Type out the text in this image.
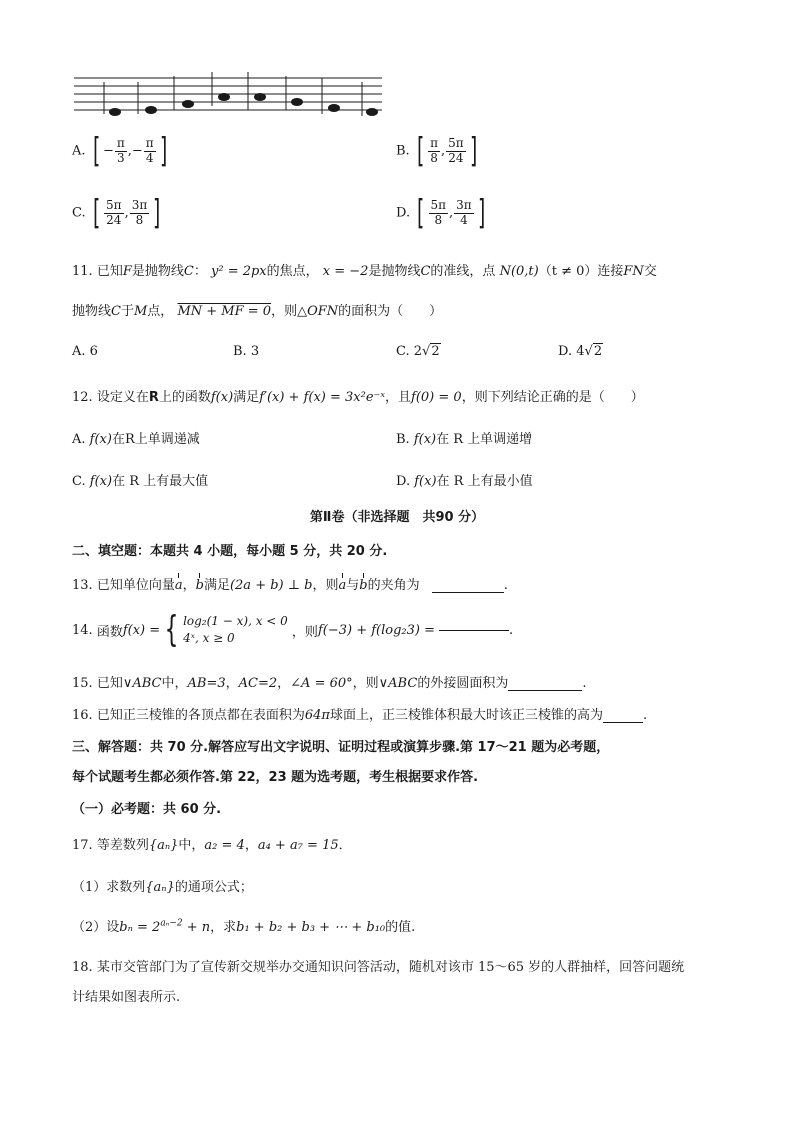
A. [ − $\frac{\pi}{3}$ ,− $\frac{\pi}{4}$ ]	B. [ $\frac{\pi}{8}$ , $\frac{5\pi}{24}$ ]
C. [ $\frac{5\pi}{24}$ , $\frac{3\pi}{8}$ ]	D. [ $\frac{5\pi}{8}$ , $\frac{3\pi}{4}$ ]
11. 已知F是抛物线C： y² = 2px的焦点， x = −2是抛物线C的准线，点 N(0,t)（t ≠ 0）连接FN交
抛物线C于M点， MN + MF = 0，则△OFN的面积为（　　）
A. 6	B. 3	C. 2√2	D. 4√2
12. 设定义在R上的函数f(x)满足f′(x) + f(x) = 3x²e⁻ˣ，且f(0) = 0，则下列结论正确的是（　　）
A. f(x)在R上单调递减	B. f(x)在 R 上单调递增
C. f(x)在 R 上有最大值	D. f(x)在 R 上有最小值
第Ⅱ卷（非选择题　共90 分）
二、填空题：本题共 4 小题，每小题 5 分，共 20 分.
13. 已知单位向量a，b满足(2a + b) ⊥ b，则a与b的夹角为	.
14.
函数 f(x) = { log₂(1 − x), x < 0
4ˣ, x ≥ 0
	，则 f(−3) + f(log₂3) =	.
15. 已知∨ABC中，AB=3，AC=2，∠A = 60°，则∨ABC的外接圆面积为	.
16. 已知正三棱锥的各顶点都在表面积为64π球面上，正三棱锥体积最大时该正三棱锥的高为	.
三、解答题：共 70 分.解答应写出文字说明、证明过程或演算步骤.第 17～21 题为必考题，
每个试题考生都必须作答.第 22，23 题为选考题，考生根据要求作答.
（一）必考题：共 60 分.
17. 等差数列{aₙ}中，a₂ = 4，a₄ + a₇ = 15．
（1）求数列{aₙ}的通项公式；
（2）设$b_n = 2^{a_n-2} + n$，求b₁ + b₂ + b₃ + ⋯ + b₁₀的值.
18. 某市交管部门为了宣传新交规举办交通知识问答活动，随机对该市 15～65 岁的人群抽样，回答问题统
计结果如图表所示.
